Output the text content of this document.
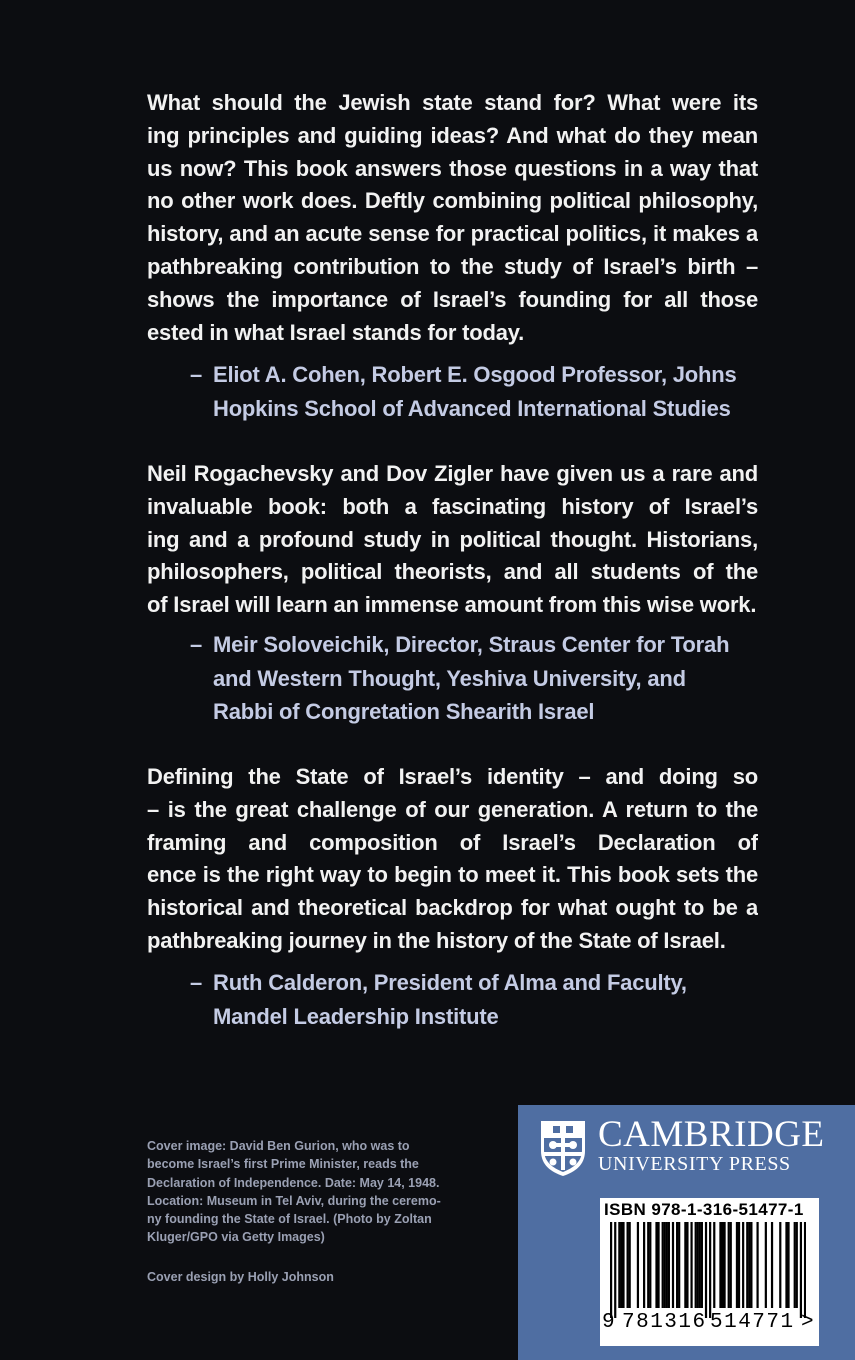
What should the Jewish state stand for? What were its
ing principles and guiding ideas? And what do they mean
us now? This book answers those questions in a way that
no other work does. Deftly combining political philosophy,
history, and an acute sense for practical politics, it makes a
pathbreaking contribution to the study of Israel’s birth –
shows the importance of Israel’s founding for all those
ested in what Israel stands for today.

– Eliot A. Cohen, Robert E. Osgood Professor, Johns
Hopkins School of Advanced International Studies

Neil Rogachevsky and Dov Zigler have given us a rare and
invaluable book: both a fascinating history of Israel’s
ing and a profound study in political thought. Historians,
philosophers, political theorists, and all students of the
of Israel will learn an immense amount from this wise work.

– Meir Soloveichik, Director, Straus Center for Torah
and Western Thought, Yeshiva University, and
Rabbi of Congretation Shearith Israel

Defining the State of Israel’s identity – and doing so
– is the great challenge of our generation. A return to the
framing and composition of Israel’s Declaration of
ence is the right way to begin to meet it. This book sets the
historical and theoretical backdrop for what ought to be a
pathbreaking journey in the history of the State of Israel.

– Ruth Calderon, President of Alma and Faculty,
Mandel Leadership Institute
Cover image: David Ben Gurion, who was to
become Israel’s first Prime Minister, reads the
Declaration of Independence. Date: May 14, 1948.
Location: Museum in Tel Aviv, during the ceremo-
ny founding the State of Israel. (Photo by Zoltan
Kluger/GPO via Getty Images)
Cover design by Holly Johnson
CAMBRIDGE
UNIVERSITY PRESS
ISBN 978-1-316-51477-1
9 781316 514771 >
